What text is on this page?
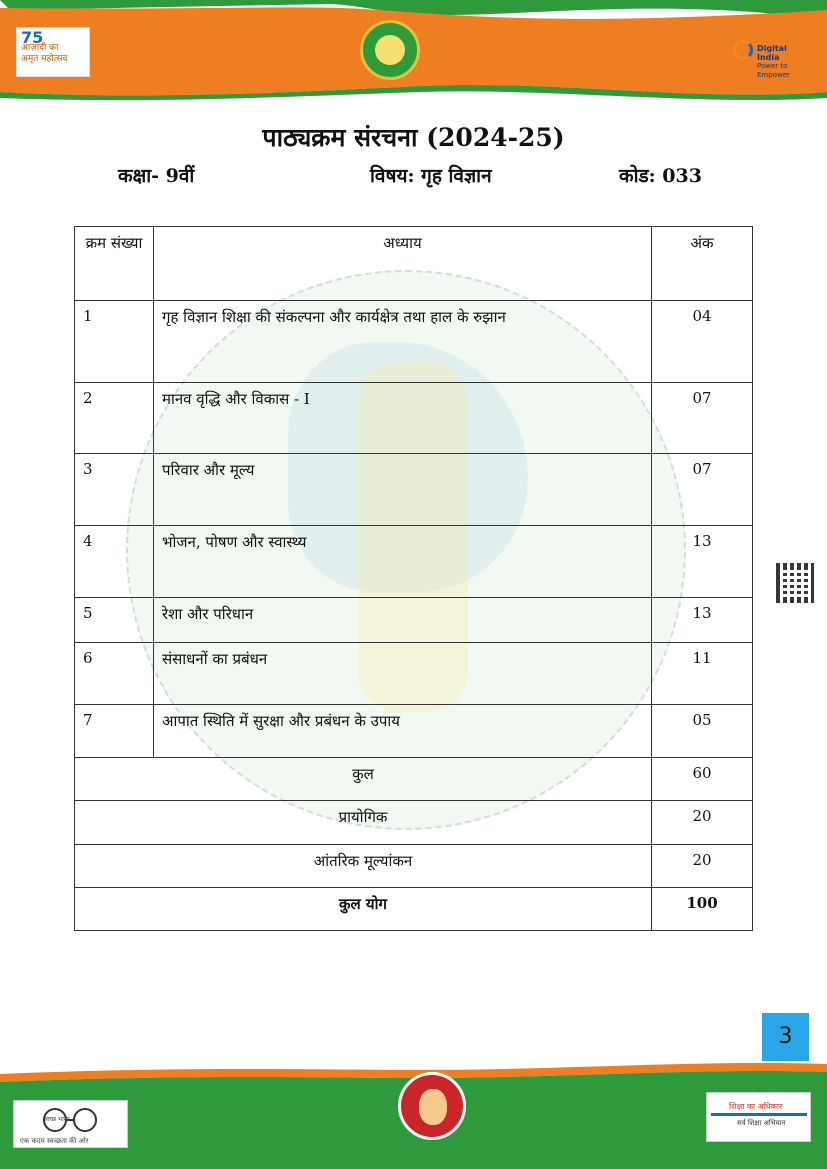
75
आज़ादी का
अमृत महोत्सव
Digital India
Power to Empower
पाठ्यक्रम संरचना (2024-25)
कक्षा- 9वीं	विषय: गृह विज्ञान	कोड: 033
क्रम संख्या	अध्याय	अंक
1	गृह विज्ञान शिक्षा की संकल्पना और कार्यक्षेत्र तथा हाल के रुझान	04
2	मानव वृद्धि और विकास - I	07
3	परिवार और मूल्य	07
4	भोजन, पोषण और स्वास्थ्य	13
5	रेशा और परिधान	13
6	संसाधनों का प्रबंधन	11
7	आपात स्थिति में सुरक्षा और प्रबंधन के उपाय	05
कुल		60
प्रायोगिक		20
आंतरिक मूल्यांकन		20
कुल योग		100
3
स्वच्छ भारत
एक कदम स्वच्छता की ओर
शिक्षा का अधिकार
सर्व शिक्षा अभियान
